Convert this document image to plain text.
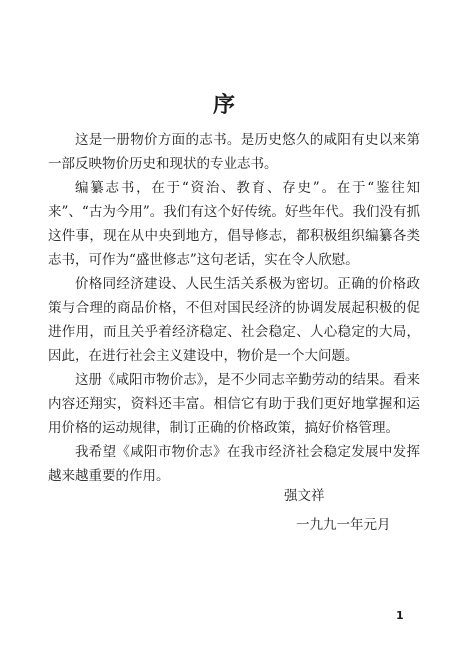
序

这是一册物价方面的志书。是历史悠久的咸阳有史以来第一部反映物价历史和现状的专业志书。

编纂志书，在于“资治、教育、存史”。在于“鉴往知来”、“古为今用”。我们有这个好传统。好些年代。我们没有抓这件事，现在从中央到地方，倡导修志，都积极组织编纂各类志书，可作为“盛世修志”这句老话，实在令人欣慰。

价格同经济建设、人民生活关系极为密切。正确的价格政策与合理的商品价格，不但对国民经济的协调发展起积极的促进作用，而且关乎着经济稳定、社会稳定、人心稳定的大局，因此，在进行社会主义建设中，物价是一个大问题。

这册《咸阳市物价志》，是不少同志辛勤劳动的结果。看来内容还翔实，资料还丰富。相信它有助于我们更好地掌握和运用价格的运动规律，制订正确的价格政策，搞好价格管理。

我希望《咸阳市物价志》在我市经济社会稳定发展中发挥越来越重要的作用。

强文祥
一九九一年元月
1
